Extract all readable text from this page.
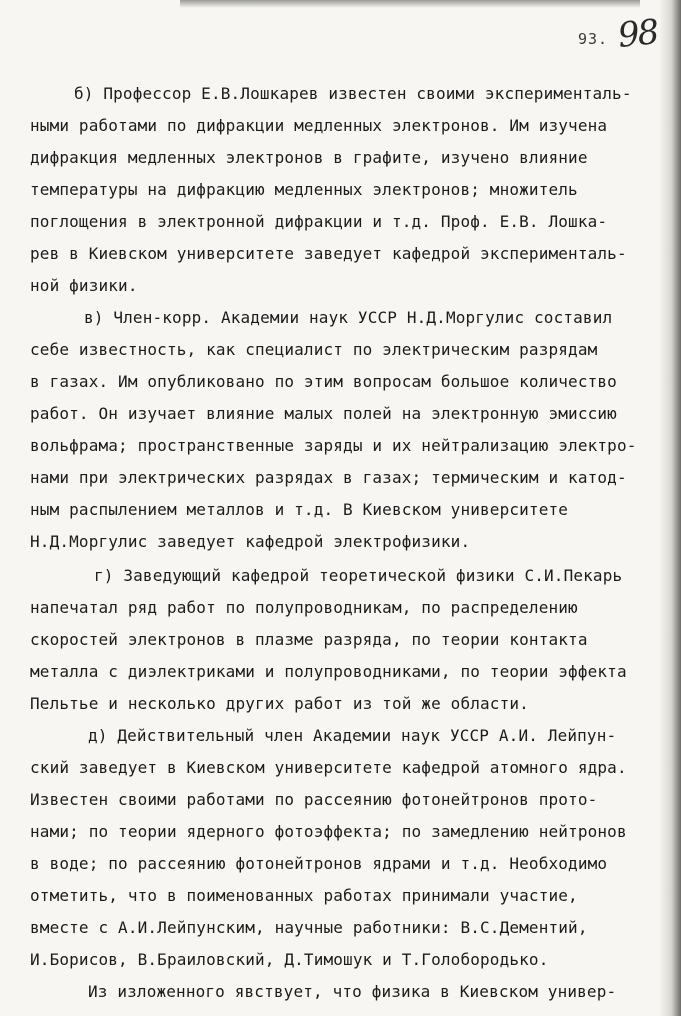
93. 98
б) Профессор Е.В.Лошкарев известен своими эксперименталь-
ными работами по дифракции медленных электронов. Им изучена
дифракция медленных электронов в графите, изучено влияние
температуры на дифракцию медленных электронов; множитель
поглощения в электронной дифракции и т.д. Проф. Е.В. Лошка-
рев в Киевском университете заведует кафедрой эксперименталь-
ной физики.
в) Член-корр. Академии наук УССР Н.Д.Моргулис составил
себе известность, как специалист по электрическим разрядам
в газах. Им опубликовано по этим вопросам большое количество
работ. Он изучает влияние малых полей на электронную эмиссию
вольфрама; пространственные заряды и их нейтрализацию электро-
нами при электрических разрядах в газах; термическим и катод-
ным распылением металлов и т.д. В Киевском университете
Н.Д.Моргулис заведует кафедрой электрофизики.
г) Заведующий кафедрой теоретической физики С.И.Пекарь
напечатал ряд работ по полупроводникам, по распределению
скоростей электронов в плазме разряда, по теории контакта
металла с диэлектриками и полупроводниками, по теории эффекта
Пельтье и несколько других работ из той же области.
д) Действительный член Академии наук УССР А.И. Лейпун-
ский заведует в Киевском университете кафедрой атомного ядра.
Известен своими работами по рассеянию фотонейтронов прото-
нами; по теории ядерного фотоэффекта; по замедлению нейтронов
в воде; по рассеянию фотонейтронов ядрами и т.д. Необходимо
отметить, что в поименованных работах принимали участие,
вместе с А.И.Лейпунским, научные работники: В.С.Дементий,
И.Борисов, В.Браиловский, Д.Тимошук и Т.Голобородько.
Из изложенного явствует, что физика в Киевском универ-
